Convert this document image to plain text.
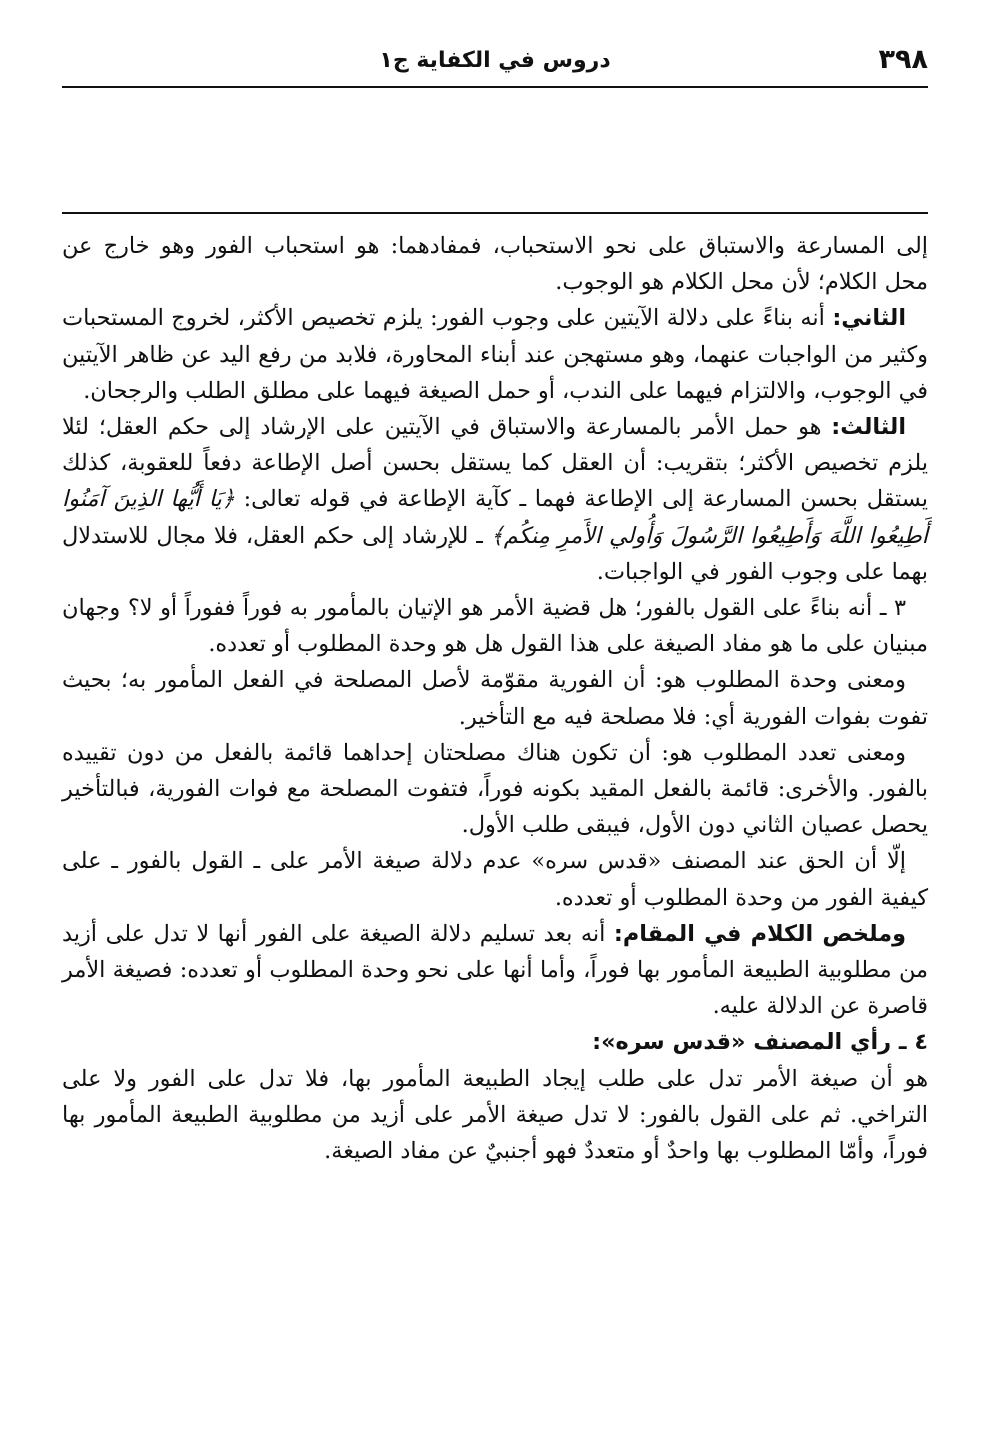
٣٩٨
دروس في الكفاية ج١

إلى المسارعة والاستباق على نحو الاستحباب، فمفادهما: هو استحباب الفور وهو خارج عن محل الكلام؛ لأن محل الكلام هو الوجوب.

الثاني: أنه بناءً على دلالة الآيتين على وجوب الفور: يلزم تخصيص الأكثر، لخروج المستحبات وكثير من الواجبات عنهما، وهو مستهجن عند أبناء المحاورة، فلابد من رفع اليد عن ظاهر الآيتين في الوجوب، والالتزام فيهما على الندب، أو حمل الصيغة فيهما على مطلق الطلب والرجحان.

الثالث: هو حمل الأمر بالمسارعة والاستباق في الآيتين على الإرشاد إلى حكم العقل؛ لئلا يلزم تخصيص الأكثر؛ بتقريب: أن العقل كما يستقل بحسن أصل الإطاعة دفعاً للعقوبة، كذلك يستقل بحسن المسارعة إلى الإطاعة فهما ـ كآية الإطاعة في قوله تعالى: ﴿يَا أَيُّها الذِينَ آمَنُوا أَطِيعُوا اللَّهَ وَأَطِيعُوا الرَّسُولَ وَأُولي الأَمرِ مِنكُم﴾ ـ للإرشاد إلى حكم العقل، فلا مجال للاستدلال بهما على وجوب الفور في الواجبات.

٣ ـ أنه بناءً على القول بالفور؛ هل قضية الأمر هو الإتيان بالمأمور به فوراً ففوراً أو لا؟ وجهان مبنيان على ما هو مفاد الصيغة على هذا القول هل هو وحدة المطلوب أو تعدده.

ومعنى وحدة المطلوب هو: أن الفورية مقوّمة لأصل المصلحة في الفعل المأمور به؛ بحيث تفوت بفوات الفورية أي: فلا مصلحة فيه مع التأخير.

ومعنى تعدد المطلوب هو: أن تكون هناك مصلحتان إحداهما قائمة بالفعل من دون تقييده بالفور. والأخرى: قائمة بالفعل المقيد بكونه فوراً، فتفوت المصلحة مع فوات الفورية، فبالتأخير يحصل عصيان الثاني دون الأول، فيبقى طلب الأول.

إلّا أن الحق عند المصنف «قدس سره» عدم دلالة صيغة الأمر على ـ القول بالفور ـ على كيفية الفور من وحدة المطلوب أو تعدده.

وملخص الكلام في المقام: أنه بعد تسليم دلالة الصيغة على الفور أنها لا تدل على أزيد من مطلوبية الطبيعة المأمور بها فوراً، وأما أنها على نحو وحدة المطلوب أو تعدده: فصيغة الأمر قاصرة عن الدلالة عليه.

٤ ـ رأي المصنف «قدس سره»:

هو أن صيغة الأمر تدل على طلب إيجاد الطبيعة المأمور بها، فلا تدل على الفور ولا على التراخي. ثم على القول بالفور: لا تدل صيغة الأمر على أزيد من مطلوبية الطبيعة المأمور بها فوراً، وأمّا المطلوب بها واحدٌ أو متعددٌ فهو أجنبيٌ عن مفاد الصيغة.
